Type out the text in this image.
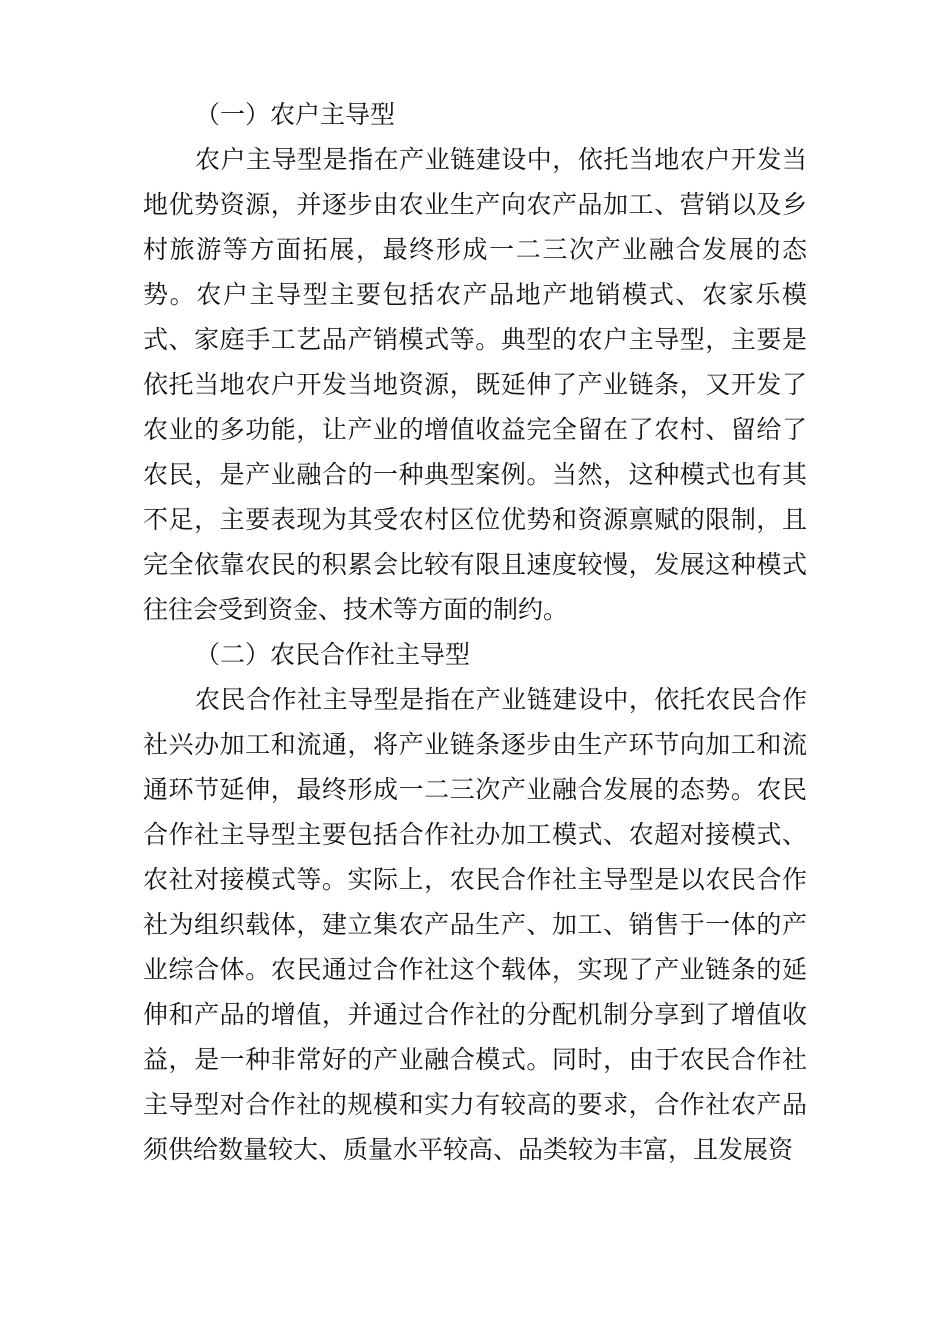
（一）农户主导型

农户主导型是指在产业链建设中，依托当地农户开发当地优势资源，并逐步由农业生产向农产品加工、营销以及乡村旅游等方面拓展，最终形成一二三次产业融合发展的态势。农户主导型主要包括农产品地产地销模式、农家乐模式、家庭手工艺品产销模式等。典型的农户主导型，主要是依托当地农户开发当地资源，既延伸了产业链条，又开发了农业的多功能，让产业的增值收益完全留在了农村、留给了农民，是产业融合的一种典型案例。当然，这种模式也有其不足，主要表现为其受农村区位优势和资源禀赋的限制，且完全依靠农民的积累会比较有限且速度较慢，发展这种模式往往会受到资金、技术等方面的制约。

（二）农民合作社主导型

农民合作社主导型是指在产业链建设中，依托农民合作社兴办加工和流通，将产业链条逐步由生产环节向加工和流通环节延伸，最终形成一二三次产业融合发展的态势。农民合作社主导型主要包括合作社办加工模式、农超对接模式、农社对接模式等。实际上，农民合作社主导型是以农民合作社为组织载体，建立集农产品生产、加工、销售于一体的产业综合体。农民通过合作社这个载体，实现了产业链条的延伸和产品的增值，并通过合作社的分配机制分享到了增值收益，是一种非常好的产业融合模式。同时，由于农民合作社主导型对合作社的规模和实力有较高的要求，合作社农产品须供给数量较大、质量水平较高、品类较为丰富，且发展资
